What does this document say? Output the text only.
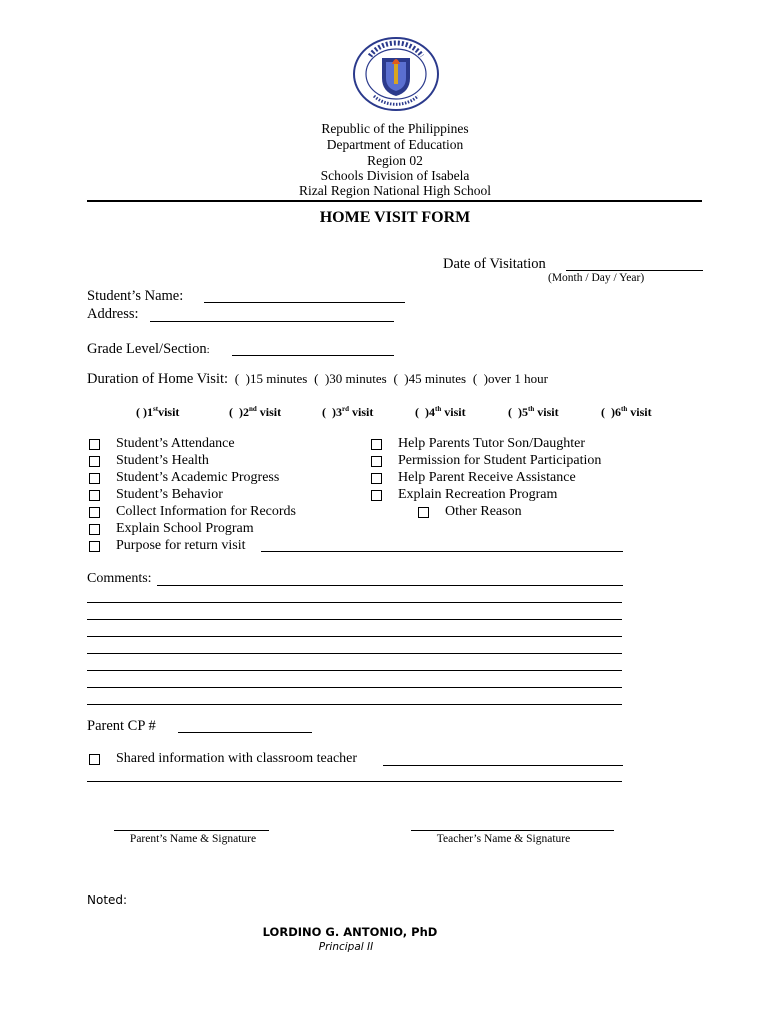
Republic of the Philippines
Department of Education
Region 02
Schools Division of Isabela
Rizal Region National High School
HOME VISIT FORM
Date of Visitation
(Month / Day / Year)
Student’s Name:
Address:
Grade Level/Section:
Duration of Home Visit:  (  )15 minutes  (  )30 minutes  (  )45 minutes  (  )over 1 hour
( )1stvisit	(  )2nd visit	(  )3rd visit	(  )4th visit	(  )5th visit	(  )6th visit
Student’s Attendance
Student’s Health
Student’s Academic Progress
Student’s Behavior
Collect Information for Records
Explain School Program
Purpose for return visit
Help Parents Tutor Son/Daughter
Permission for Student Participation
Help Parent Receive Assistance
Explain Recreation Program
Other Reason
Comments:
Parent CP #
Shared information with classroom teacher
Parent’s Name & Signature	Teacher’s Name & Signature
Noted:
LORDINO G. ANTONIO, PhD
Principal II
